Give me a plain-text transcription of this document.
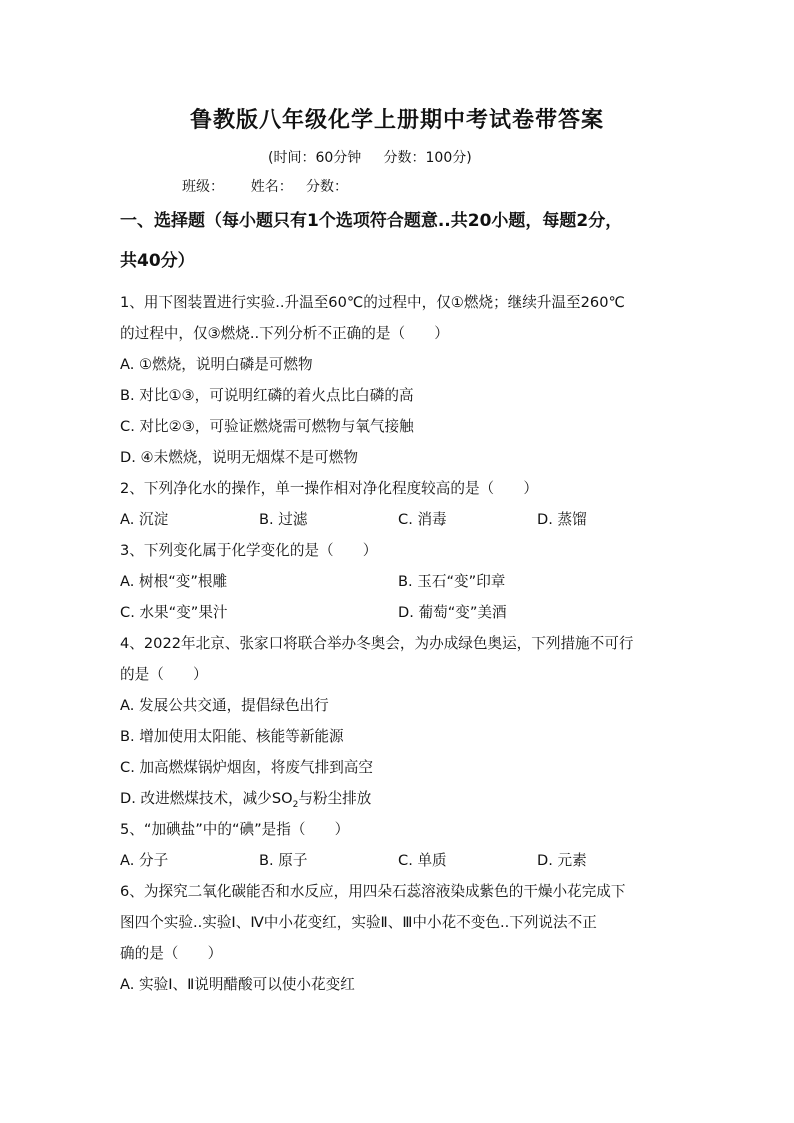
鲁教版八年级化学上册期中考试卷带答案
(时间：60分钟     分数：100分)
班级：      姓名：   分数：
一、选择题（每小题只有1个选项符合题意..共20小题，每题2分，
共40分）
1、用下图装置进行实验..升温至60℃的过程中，仅①燃烧；继续升温至260℃
的过程中，仅③燃烧..下列分析不正确的是（　　）
A. ①燃烧，说明白磷是可燃物
B. 对比①③，可说明红磷的着火点比白磷的高
C. 对比②③，可验证燃烧需可燃物与氧气接触
D. ④未燃烧，说明无烟煤不是可燃物
2、下列净化水的操作，单一操作相对净化程度较高的是（　　）
A. 沉淀	B. 过滤	C. 消毒	D. 蒸馏
3、下列变化属于化学变化的是（　　）
A. 树根“变”根雕	B. 玉石“变”印章
C. 水果“变”果汁	D. 葡萄“变”美酒
4、2022年北京、张家口将联合举办冬奥会，为办成绿色奥运，下列措施不可行
的是（　　）
A. 发展公共交通，提倡绿色出行
B. 增加使用太阳能、核能等新能源
C. 加高燃煤锅炉烟囱，将废气排到高空
D. 改进燃煤技术，减少$SO_2$与粉尘排放
5、“加碘盐”中的“碘”是指（　　）
A. 分子	B. 原子	C. 单质	D. 元素
6、为探究二氧化碳能否和水反应，用四朵石蕊溶液染成紫色的干燥小花完成下
图四个实验..实验Ⅰ、Ⅳ中小花变红，实验Ⅱ、Ⅲ中小花不变色..下列说法不正
确的是（　　）
A. 实验Ⅰ、Ⅱ说明醋酸可以使小花变红
